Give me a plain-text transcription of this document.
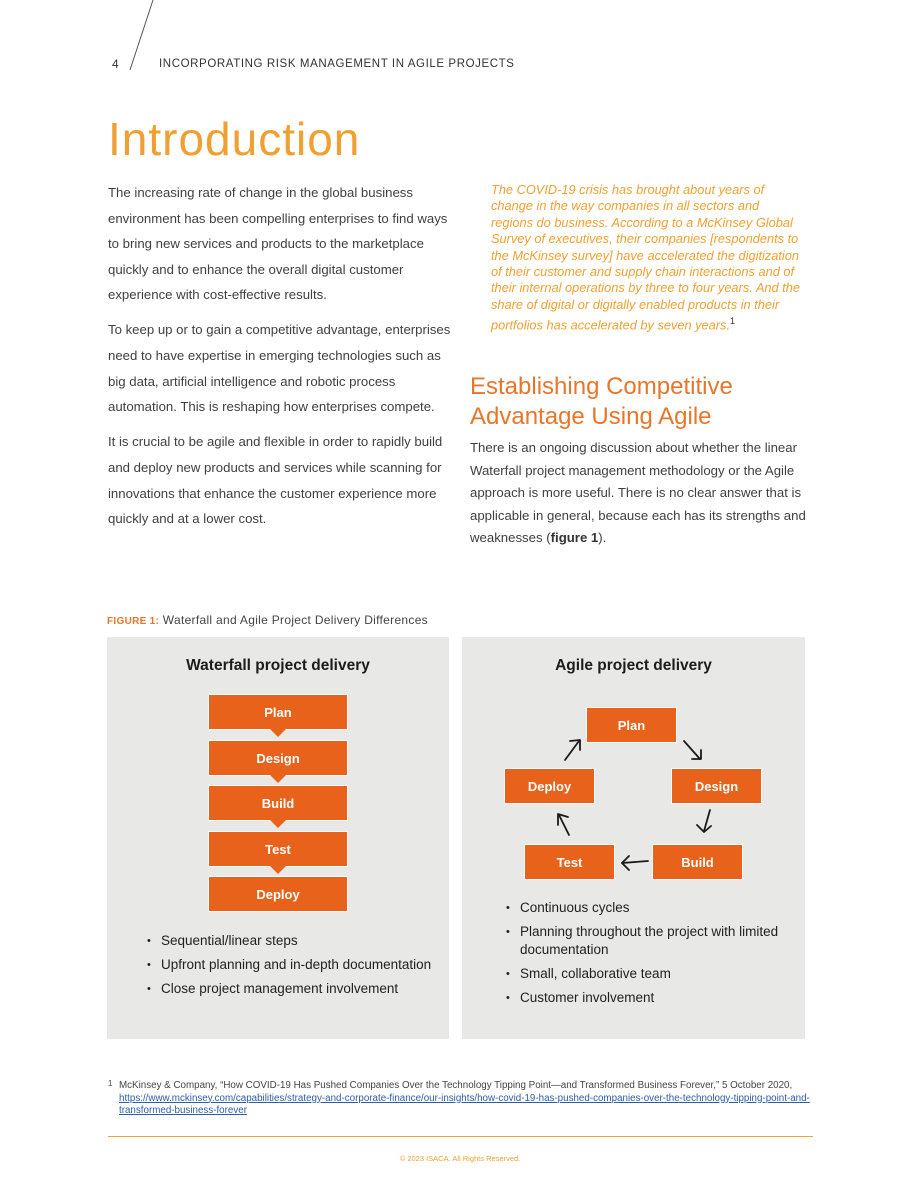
4	INCORPORATING RISK MANAGEMENT IN AGILE PROJECTS
Introduction

The increasing rate of change in the global business environment has been compelling enterprises to find ways to bring new services and products to the marketplace quickly and to enhance the overall digital customer experience with cost-effective results.

To keep up or to gain a competitive advantage, enterprises need to have expertise in emerging technologies such as big data, artificial intelligence and robotic process automation. This is reshaping how enterprises compete.

It is crucial to be agile and flexible in order to rapidly build and deploy new products and services while scanning for innovations that enhance the customer experience more quickly and at a lower cost.

The COVID-19 crisis has brought about years of change in the way companies in all sectors and regions do business. According to a McKinsey Global Survey of executives, their companies [respondents to the McKinsey survey] have accelerated the digitization of their customer and supply chain interactions and of their internal operations by three to four years. And the share of digital or digitally enabled products in their portfolios has accelerated by seven years.$^1$
Establishing Competitive
Advantage Using Agile
There is an ongoing discussion about whether the linear Waterfall project management methodology or the Agile approach is more useful. There is no clear answer that is applicable in general, because each has its strengths and weaknesses (figure 1).
FIGURE 1: Waterfall and Agile Project Delivery Differences
Waterfall project delivery
Plan
Design
Build
Test
Deploy
• Sequential/linear steps
• Upfront planning and in-depth documentation
• Close project management involvement
Agile project delivery
Plan
Design
Build
Test
Deploy
• Continuous cycles
• Planning throughout the project with limited documentation
• Small, collaborative team
• Customer involvement
1 McKinsey & Company, “How COVID-19 Has Pushed Companies Over the Technology Tipping Point—and Transformed Business Forever,” 5 October 2020, https://www.mckinsey.com/capabilities/strategy-and-corporate-finance/our-insights/how-covid-19-has-pushed-companies-over-the-technology-tipping-point-and-transformed-business-forever
© 2023 ISACA. All Rights Reserved.
